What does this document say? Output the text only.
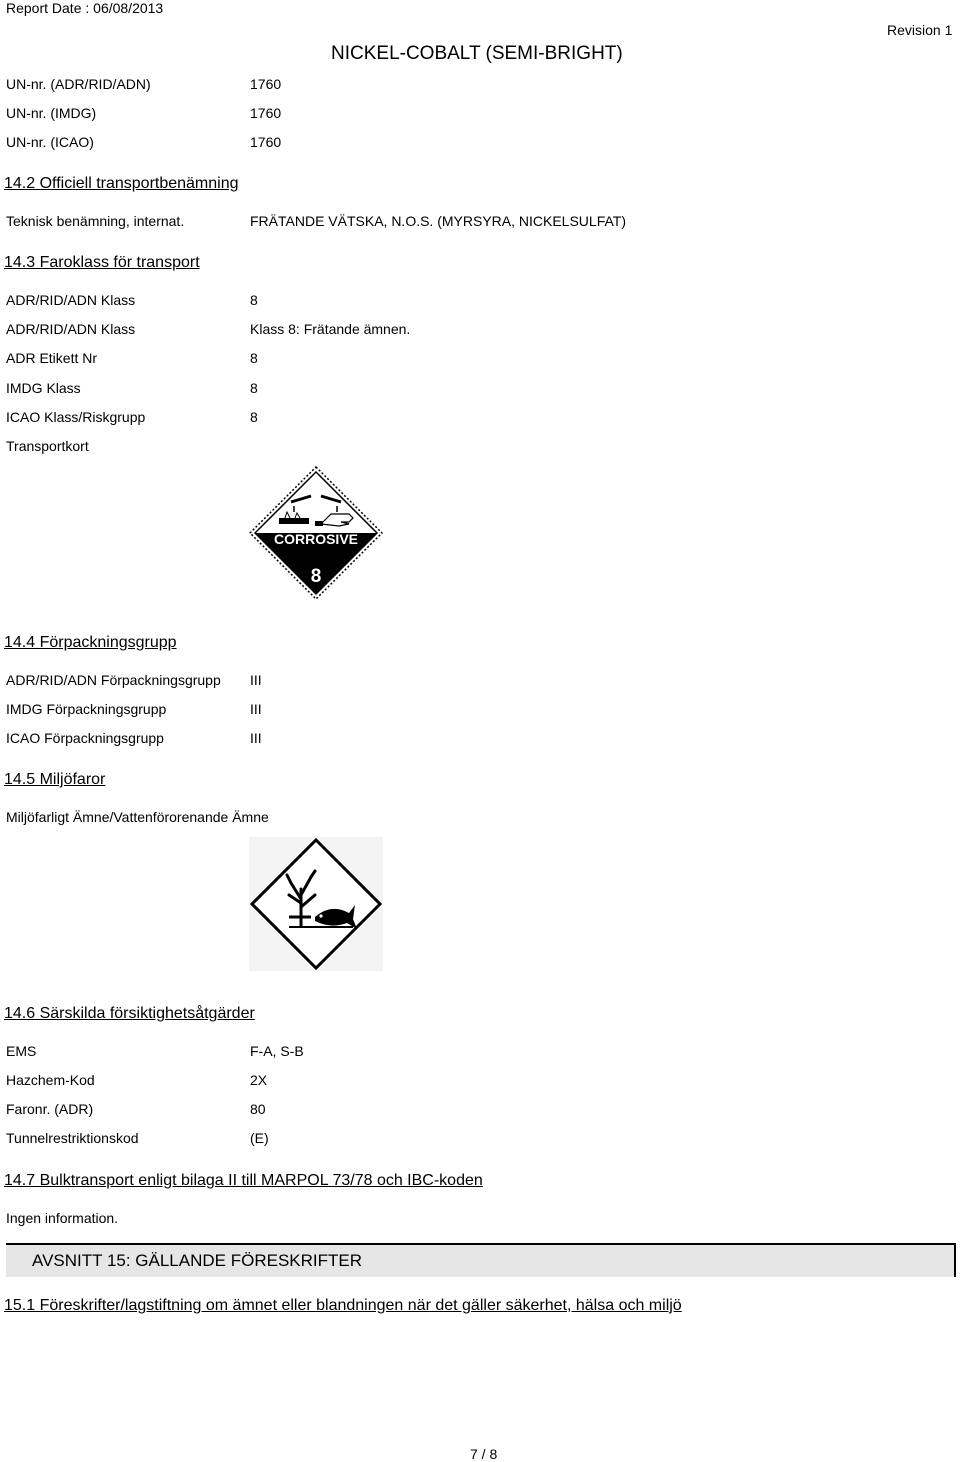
Report Date : 06/08/2013
NICKEL-COBALT (SEMI-BRIGHT)
Revision 1
UN-nr. (ADR/RID/ADN)	1760
UN-nr. (IMDG)	1760
UN-nr. (ICAO)	1760
14.2 Officiell transportbenämning
Teknisk benämning, internat.	FRÄTANDE VÄTSKA, N.O.S. (MYRSYRA, NICKELSULFAT)
14.3 Faroklass för transport
ADR/RID/ADN Klass	8
ADR/RID/ADN Klass	Klass 8: Frätande ämnen.
ADR Etikett Nr	8
IMDG Klass	8
ICAO Klass/Riskgrupp	8
Transportkort
CORROSIVE
8
14.4 Förpackningsgrupp
ADR/RID/ADN Förpackningsgrupp III
IMDG Förpackningsgrupp	III
ICAO Förpackningsgrupp	III
14.5 Miljöfaror
Miljöfarligt Ämne/Vattenförorenande Ämne
14.6 Särskilda försiktighetsåtgärder
EMS	F-A, S-B
Hazchem-Kod	2X
Faronr. (ADR)	80
Tunnelrestriktionskod	(E)
14.7 Bulktransport enligt bilaga II till MARPOL 73/78 och IBC-koden
Ingen information.
AVSNITT 15: GÄLLANDE FÖRESKRIFTER
15.1 Föreskrifter/lagstiftning om ämnet eller blandningen när det gäller säkerhet, hälsa och miljö
7 / 8
